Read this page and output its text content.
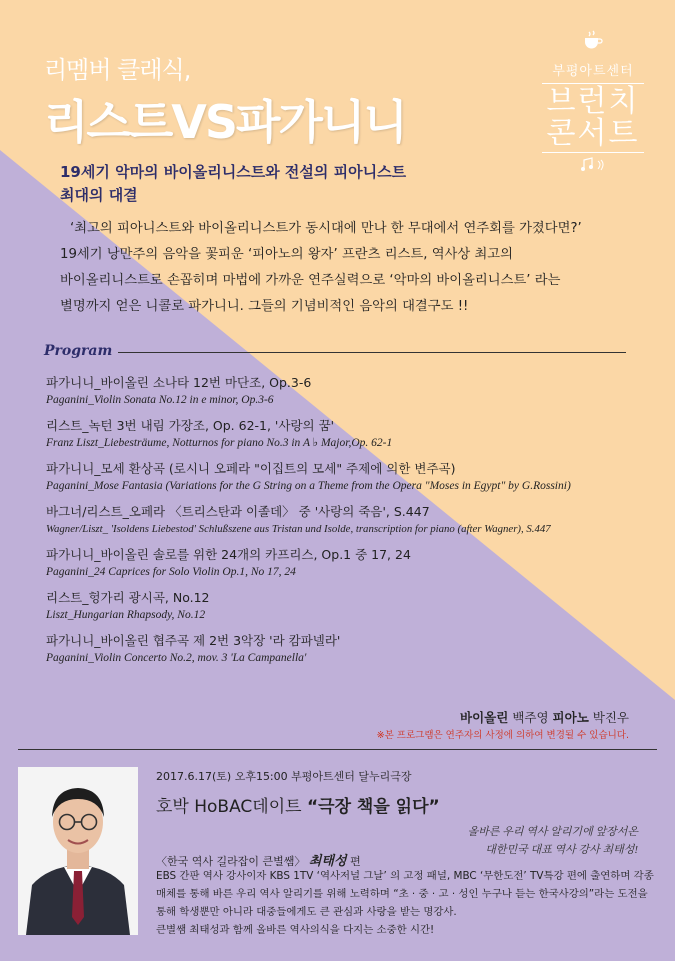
리멤버 클래식,
리스트VS파가니니
부평아트센터
브런치
콘서트
19세기 악마의 바이올리니스트와 전설의 피아니스트
최대의 대결

‘최고의 피아니스트와 바이올리니스트가 동시대에 만나 한 무대에서 연주회를 가졌다면?’

19세기 낭만주의 음악을 꽃피운 ‘피아노의 왕자’ 프란츠 리스트, 역사상 최고의

바이올리니스트로 손꼽히며 마법에 가까운 연주실력으로 ‘악마의 바이올리니스트’ 라는

별명까지 얻은 니콜로 파가니니. 그들의 기념비적인 음악의 대결구도 !!

Program
파가니니_바이올린 소나타 12번 마단조, Op.3-6
Paganini_Violin Sonata No.12 in e minor, Op.3-6
리스트_녹턴 3번 내림 가장조, Op. 62-1, '사랑의 꿈'
Franz Liszt_Liebesträume, Notturnos for piano No.3 in A ♭ Major,Op. 62-1
파가니니_모세 환상곡 (로시니 오페라 "이집트의 모세" 주제에 의한 변주곡)
Paganini_Mose Fantasia (Variations for the G String on a Theme from the Opera "Moses in Egypt" by G.Rossini)
바그너/리스트_오페라 〈트리스탄과 이졸데〉 중 '사랑의 죽음', S.447
Wagner/Liszt_ 'Isoldens Liebestod' Schlußszene aus Tristan und Isolde, transcription for piano (after Wagner), S.447
파가니니_바이올린 솔로를 위한 24개의 카프리스, Op.1 중 17, 24
Paganini_24 Caprices for Solo Violin Op.1, No 17, 24
리스트_헝가리 광시곡, No.12
Liszt_Hungarian Rhapsody, No.12
파가니니_바이올린 협주곡 제 2번 3악장 '라 캄파넬라'
Paganini_Violin Concerto No.2, mov. 3 'La Campanella'
바이올린 백주영 피아노 박진우
※본 프로그램은 연주자의 사정에 의하여 변경될 수 있습니다.
2017.6.17(토) 오후15:00 부평아트센터 달누리극장
호박 HoBAC데이트 “극장 책을 읽다”
올바른 우리 역사 알리기에 앞장서온
대한민국 대표 역사 강사 최태성!
〈한국 역사 길라잡이 큰별쌤〉 최태성 편
EBS 간판 역사 강사이자 KBS 1TV ‘역사저널 그날’ 의 고정 패널, MBC ‘무한도전’ TV특강 편에 출연하며 각종
매체를 통해 바른 우리 역사 알리기를 위해 노력하며 “초 · 중 · 고 · 성인 누구나 듣는 한국사강의”라는 도전을
통해 학생뿐만 아니라 대중들에게도 큰 관심과 사랑을 받는 명강사.
큰별쌤 최태성과 함께 올바른 역사의식을 다지는 소중한 시간!
